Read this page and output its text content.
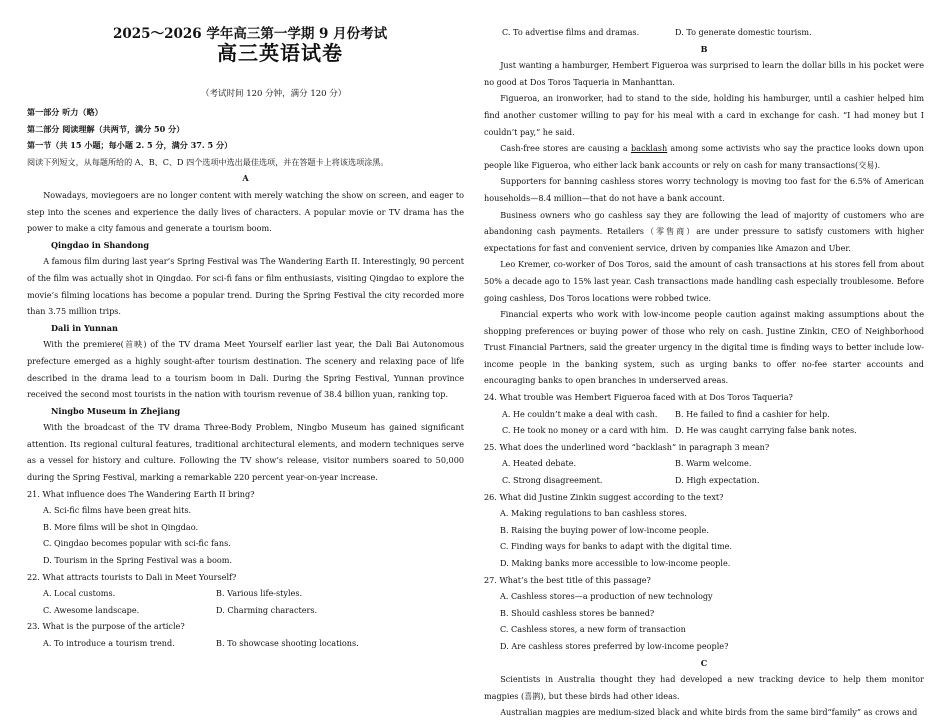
2025～2026 学年高三第一学期 9 月份考试
高三英语试卷
（考试时间 120 分钟，满分 120 分）

第一部分 听力（略）

第二部分 阅读理解（共两节，满分 50 分）

第一节（共 15 小题；每小题 2. 5 分，满分 37. 5 分）

阅读下列短文，从每题所给的 A、B、C、D 四个选项中选出最佳选项，并在答题卡上将该选项涂黑。

A

Nowadays, moviegoers are no longer content with merely watching the show on screen, and eager to step into the scenes and experience the daily lives of characters. A popular movie or TV drama has the power to make a city famous and generate a tourism boom.

Qingdao in Shandong

A famous film during last year’s Spring Festival was The Wandering Earth II. Interestingly, 90 percent of the film was actually shot in Qingdao. For sci-fi fans or film enthusiasts, visiting Qingdao to explore the movie’s filming locations has become a popular trend. During the Spring Festival the city recorded more than 3.75 million trips.

Dali in Yunnan

With the premiere(首映) of the TV drama Meet Yourself earlier last year, the Dali Bai Autonomous prefecture emerged as a highly sought-after tourism destination. The scenery and relaxing pace of life described in the drama lead to a tourism boom in Dali. During the Spring Festival, Yunnan province received the second most tourists in the nation with tourism revenue of 38.4 billion yuan, ranking top.

Ningbo Museum in Zhejiang

With the broadcast of the TV drama Three-Body Problem, Ningbo Museum has gained significant attention. Its regional cultural features, traditional architectural elements, and modern techniques serve as a vessel for history and culture. Following the TV show’s release, visitor numbers soared to 50,000 during the Spring Festival, marking a remarkable 220 percent year-on-year increase.

21. What influence does The Wandering Earth II bring?

A. Sci-fic films have been great hits.

B. More films will be shot in Qingdao.

C. Qingdao becomes popular with sci-fic fans.

D. Tourism in the Spring Festival was a boom.

22. What attracts tourists to Dali in Meet Yourself?

A. Local customs.	B. Various life-styles.
C. Awesome landscape.	D. Charming characters.

23. What is the purpose of the article?

A. To introduce a tourism trend.	B. To showcase shooting locations.
C. To advertise films and dramas.	D. To generate domestic tourism.

B

Just wanting a hamburger, Hembert Figueroa was surprised to learn the dollar bills in his pocket were no good at Dos Toros Taqueria in Manhanttan.

Figueroa, an ironworker, had to stand to the side, holding his hamburger, until a cashier helped him find another customer willing to pay for his meal with a card in exchange for cash. “I had money but I couldn’t pay,” he said.

Cash-free stores are causing a backlash among some activists who say the practice looks down upon people like Figueroa, who either lack bank accounts or rely on cash for many transactions(交易).

Supporters for banning cashless stores worry technology is moving too fast for the 6.5% of American households—8.4 million—that do not have a bank account.

Business owners who go cashless say they are following the lead of majority of customers who are abandoning cash payments. Retailers（零售商）are under pressure to satisfy customers with higher expectations for fast and convenient service, driven by companies like Amazon and Uber.

Leo Kremer, co-worker of Dos Toros, said the amount of cash transactions at his stores fell from about 50% a decade ago to 15% last year. Cash transactions made handling cash especially troublesome. Before going cashless, Dos Toros locations were robbed twice.

Financial experts who work with low-income people caution against making assumptions about the shopping preferences or buying power of those who rely on cash. Justine Zinkin, CEO of Neighborhood Trust Financial Partners, said the greater urgency in the digital time is finding ways to better include low-income people in the banking system, such as urging banks to offer no-fee starter accounts and encouraging banks to open branches in underserved areas.

24. What trouble was Hembert Figueroa faced with at Dos Toros Taqueria?

A. He couldn’t make a deal with cash.	B. He failed to find a cashier for help.
C. He took no money or a card with him. D. He was caught carrying false bank notes.

25. What does the underlined word “backlash” in paragraph 3 mean?

A. Heated debate.	B. Warm welcome.
C. Strong disagreement.	D. High expectation.

26. What did Justine Zinkin suggest according to the text?

A. Making regulations to ban cashless stores.

B. Raising the buying power of low-income people.

C. Finding ways for banks to adapt with the digital time.

D. Making banks more accessible to low-income people.

27. What’s the best title of this passage?

A. Cashless stores—a production of new technology

B. Should cashless stores be banned?

C. Cashless stores, a new form of transaction

D. Are cashless stores preferred by low-income people?

C

Scientists in Australia thought they had developed a new tracking device to help them monitor magpies (喜鹊), but these birds had other ideas.

Australian magpies are medium-sized black and white birds from the same bird“family” as crows and
